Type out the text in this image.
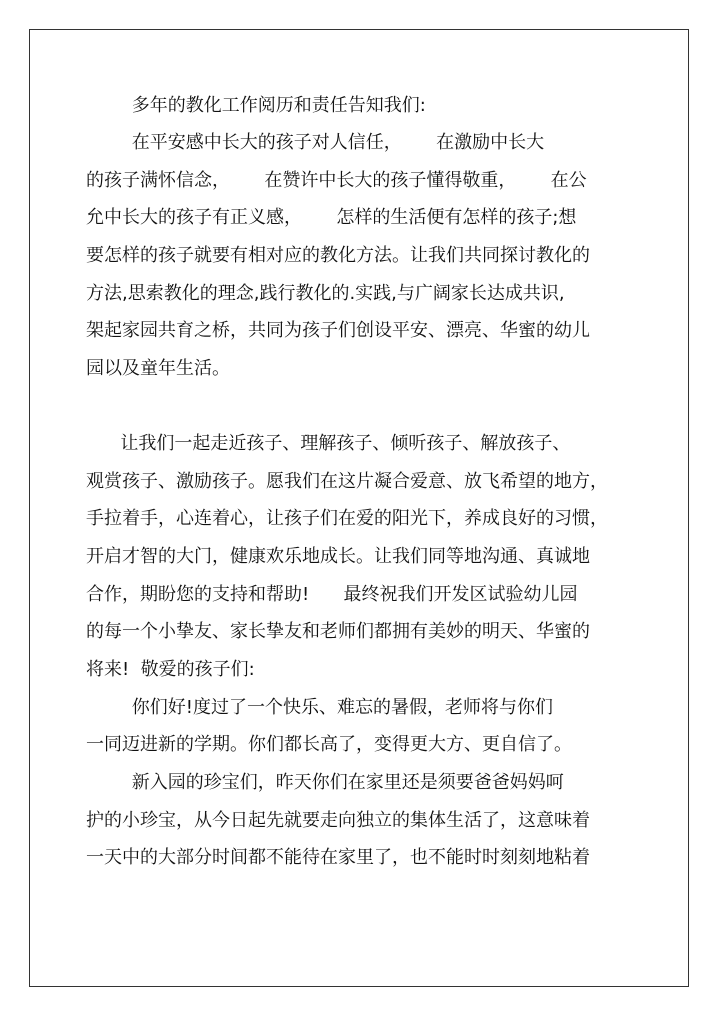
多年的教化工作阅历和责任告知我们:
在平安感中长大的孩子对人信任，      在激励中长大
的孩子满怀信念，      在赞许中长大的孩子懂得敬重，      在公
允中长大的孩子有正义感，      怎样的生活便有怎样的孩子;想
要怎样的孩子就要有相对应的教化方法。让我们共同探讨教化的
方法,思索教化的理念,践行教化的.实践,与广阔家长达成共识,
架起家园共育之桥，共同为孩子们创设平安、漂亮、华蜜的幼儿
园以及童年生活。
让我们一起走近孩子、理解孩子、倾听孩子、解放孩子、
观赏孩子、激励孩子。愿我们在这片凝合爱意、放飞希望的地方，
手拉着手，心连着心，让孩子们在爱的阳光下，养成良好的习惯，
开启才智的大门，健康欢乐地成长。让我们同等地沟通、真诚地
合作，期盼您的支持和帮助!      最终祝我们开发区试验幼儿园
的每一个小挚友、家长挚友和老师们都拥有美妙的明天、华蜜的
将来!  敬爱的孩子们:
你们好!度过了一个快乐、难忘的暑假，老师将与你们
一同迈进新的学期。你们都长高了，变得更大方、更自信了。
新入园的珍宝们，昨天你们在家里还是须要爸爸妈妈呵
护的小珍宝，从今日起先就要走向独立的集体生活了，这意味着
一天中的大部分时间都不能待在家里了，也不能时时刻刻地粘着
